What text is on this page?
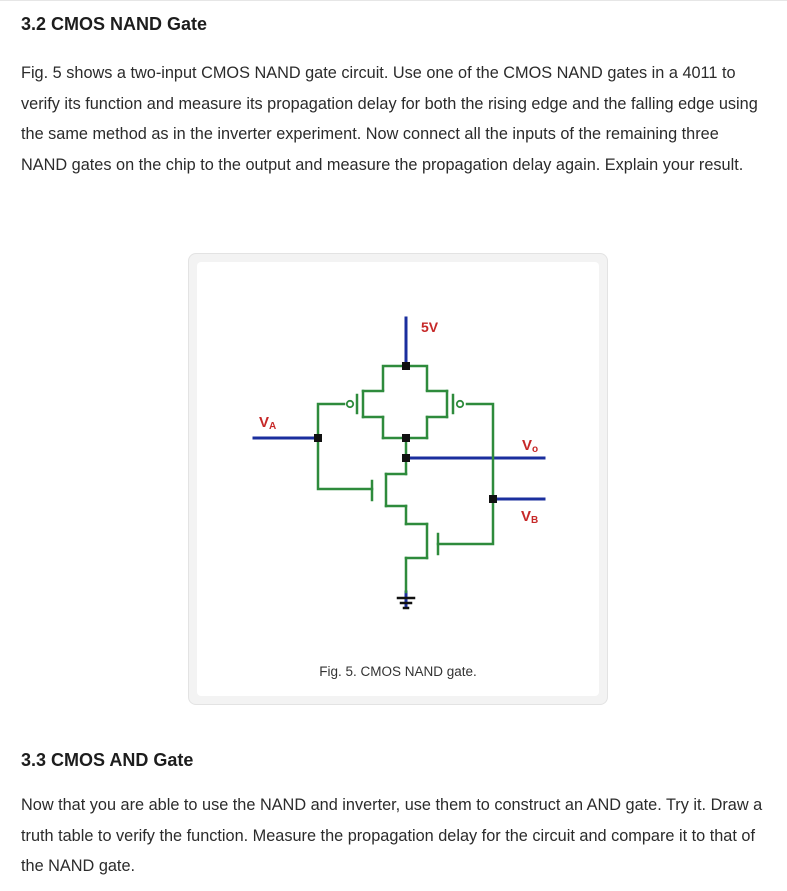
3.2 CMOS NAND Gate

Fig. 5 shows a two-input CMOS NAND gate circuit. Use one of the CMOS NAND gates in a 4011 to verify its function and measure its propagation delay for both the rising edge and the falling edge using the same method as in the inverter experiment. Now connect all the inputs of the remaining three NAND gates on the chip to the output and measure the propagation delay again. Explain your result.

5V
VA
Vo
VB
Fig. 5. CMOS NAND gate.
3.3 CMOS AND Gate

Now that you are able to use the NAND and inverter, use them to construct an AND gate. Try it. Draw a truth table to verify the function. Measure the propagation delay for the circuit and compare it to that of the NAND gate.
